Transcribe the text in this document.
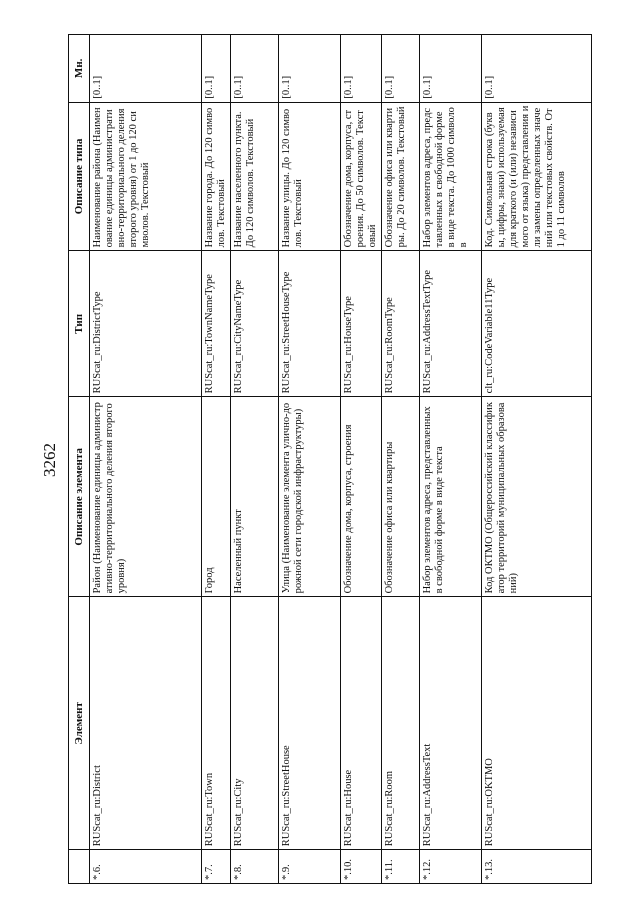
3262
	Элемент	Описание элемента	Тип	Описание типа	Мн.
*.6.	RUScat_ru:District	Район (Наименование единицы административно-территориального деления второго уровня)	RUScat_ru:DistrictType	Наименование района (Наименование единицы административно-территориального деления второго уровня) от 1 до 120 символов. Текстовый	[0..1]
*.7.	RUScat_ru:Town	Город	RUScat_ru:TownNameType	Название города. До 120 символов. Текстовый	[0..1]
*.8.	RUScat_ru:City	Населенный пункт	RUScat_ru:CityNameType	Название населенного пункта. До 120 символов. Текстовый	[0..1]
*.9.	RUScat_ru:StreetHouse	Улица (Наименование элемента улично-дорожной сети городской инфраструктуры)	RUScat_ru:StreetHouseType	Название улицы. До 120 символов. Текстовый	[0..1]
*.10.	RUScat_ru:House	Обозначение дома, корпуса, строения	RUScat_ru:HouseType	Обозначение дома, корпуса, строения. До 50 символов. Текстовый	[0..1]
*.11.	RUScat_ru:Room	Обозначение офиса или квартиры	RUScat_ru:RoomType	Обозначение офиса или квартиры. До 20 символов. Текстовый	[0..1]
*.12.	RUScat_ru:AddressText	Набор элементов адреса, представленных в свободной форме в виде текста	RUScat_ru:AddressTextType	Набор элементов адреса, представленных в свободной форме в виде текста. До 1000 символов	[0..1]
*.13.	RUScat_ru:OKTMO	Код ОКТМО (Общероссийский классификатор территорий муниципальных образований)	clt_ru:CodeVariable11Type	Код. Символьная строка (буквы, цифры, знаки) используемая для краткого (и (или) независимого от языка) представления или замены определенных значений или текстовых свойств. От 1 до 11 символов	[0..1]
